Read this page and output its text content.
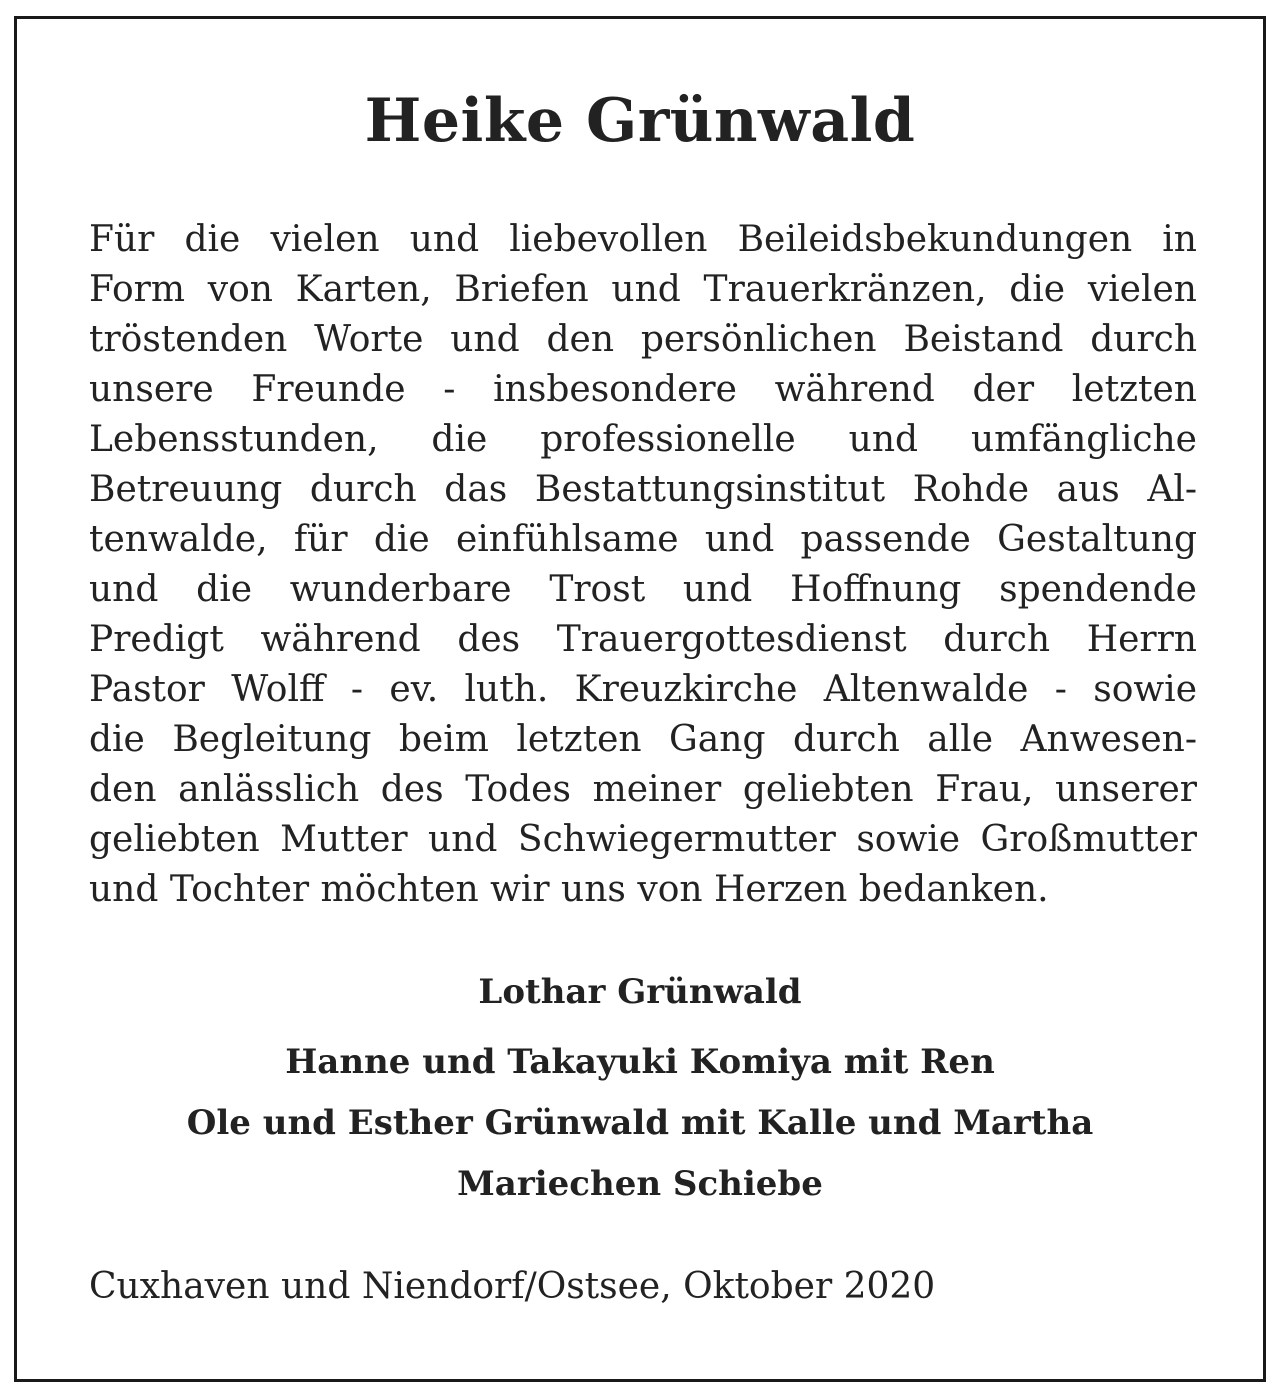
Heike Grünwald
Für die vielen und liebevollen Beileidsbekundungen in
Form von Karten, Briefen und Trauerkränzen, die vielen
tröstenden Worte und den persönlichen Beistand durch
unsere Freunde - insbesondere während der letzten
Lebensstunden, die professionelle und umfängliche
Betreuung durch das Bestattungsinstitut Rohde aus Al-
tenwalde, für die einfühlsame und passende Gestaltung
und die wunderbare Trost und Hoffnung spendende
Predigt während des Trauergottesdienst durch Herrn
Pastor Wolff - ev. luth. Kreuzkirche Altenwalde - sowie
die Begleitung beim letzten Gang durch alle Anwesen-
den anlässlich des Todes meiner geliebten Frau, unserer
geliebten Mutter und Schwiegermutter sowie Großmutter
und Tochter möchten wir uns von Herzen bedanken.
Lothar Grünwald
Hanne und Takayuki Komiya mit Ren
Ole und Esther Grünwald mit Kalle und Martha
Mariechen Schiebe
Cuxhaven und Niendorf/Ostsee, Oktober 2020
